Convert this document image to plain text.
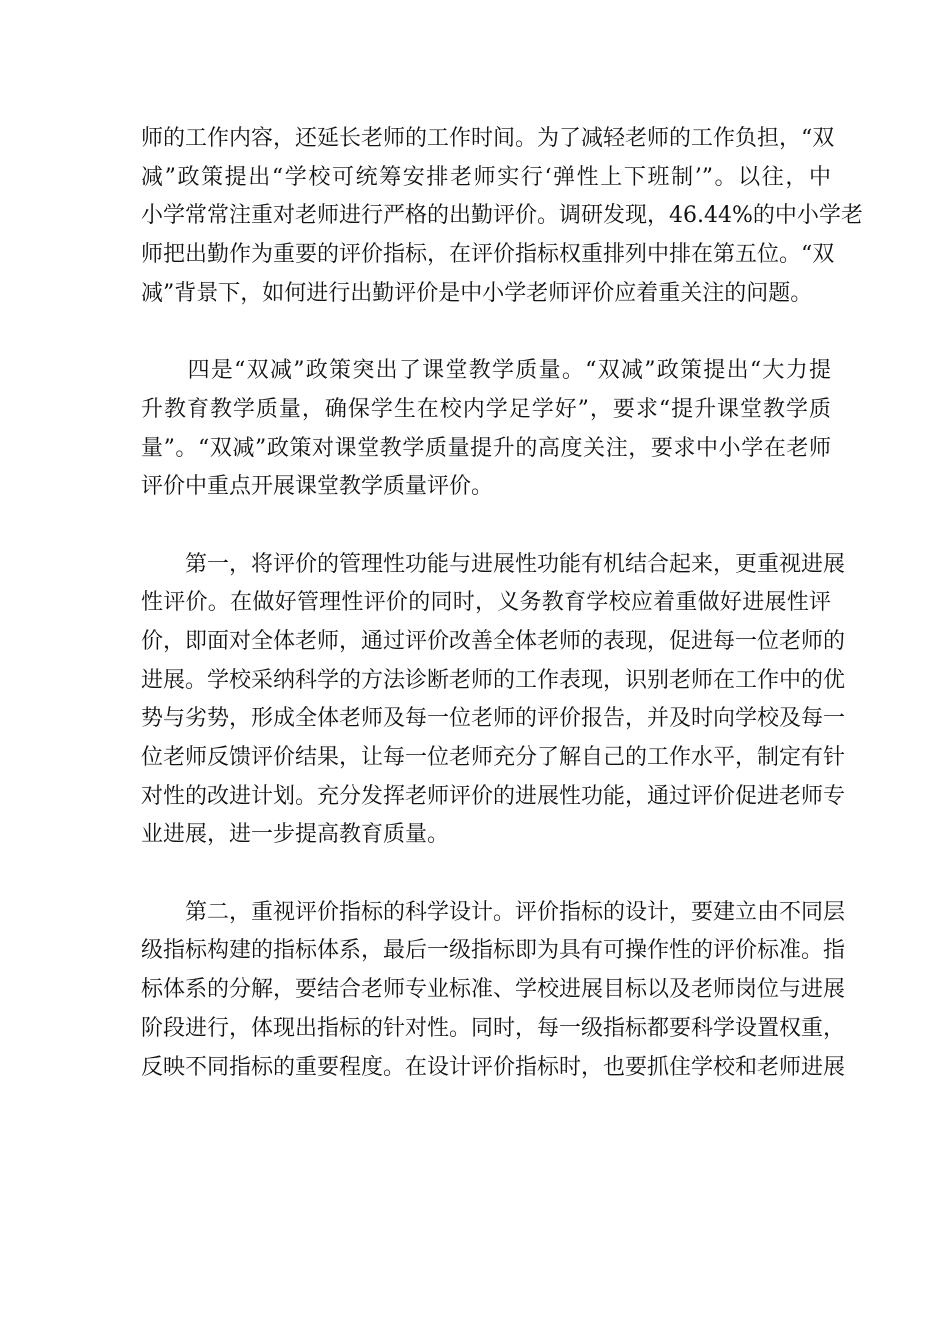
师的工作内容，还延长老师的工作时间。为了减轻老师的工作负担，“双
减”政策提出“学校可统筹安排老师实行‘弹性上下班制’”。以往，中
小学常常注重对老师进行严格的出勤评价。调研发现，46.44%的中小学老
师把出勤作为重要的评价指标，在评价指标权重排列中排在第五位。“双
减”背景下，如何进行出勤评价是中小学老师评价应着重关注的问题。
　　四是“双减”政策突出了课堂教学质量。“双减”政策提出“大力提
升教育教学质量，确保学生在校内学足学好”，要求“提升课堂教学质
量”。“双减”政策对课堂教学质量提升的高度关注，要求中小学在老师
评价中重点开展课堂教学质量评价。
　　第一，将评价的管理性功能与进展性功能有机结合起来，更重视进展
性评价。在做好管理性评价的同时，义务教育学校应着重做好进展性评
价，即面对全体老师，通过评价改善全体老师的表现，促进每一位老师的
进展。学校采纳科学的方法诊断老师的工作表现，识别老师在工作中的优
势与劣势，形成全体老师及每一位老师的评价报告，并及时向学校及每一
位老师反馈评价结果，让每一位老师充分了解自己的工作水平，制定有针
对性的改进计划。充分发挥老师评价的进展性功能，通过评价促进老师专
业进展，进一步提高教育质量。
　　第二，重视评价指标的科学设计。评价指标的设计，要建立由不同层
级指标构建的指标体系，最后一级指标即为具有可操作性的评价标准。指
标体系的分解，要结合老师专业标准、学校进展目标以及老师岗位与进展
阶段进行，体现出指标的针对性。同时，每一级指标都要科学设置权重，
反映不同指标的重要程度。在设计评价指标时，也要抓住学校和老师进展
